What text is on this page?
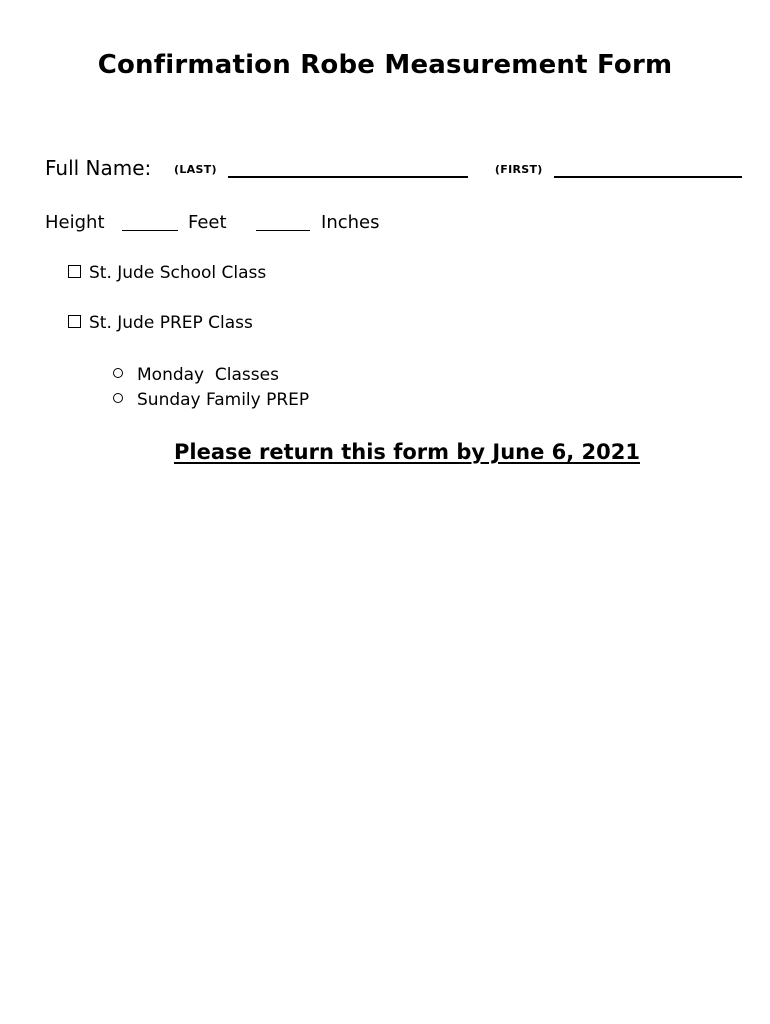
Confirmation Robe Measurement Form
Full Name: (LAST)	(FIRST)
Height	Feet	Inches
St. Jude School Class
St. Jude PREP Class
Monday  Classes
Sunday Family PREP
Please return this form by June 6, 2021
